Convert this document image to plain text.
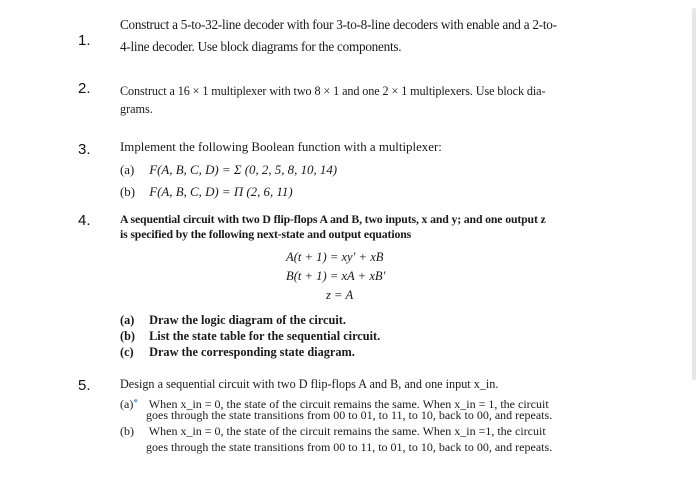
1.
Construct a 5-to-32-line decoder with four 3-to-8-line decoders with enable and a 2-to-
4-line decoder. Use block diagrams for the components.
2. Construct a 16 × 1 multiplexer with two 8 × 1 and one 2 × 1 multiplexers. Use block dia-
grams.
3. Implement the following Boolean function with a multiplexer:
(a) F(A, B, C, D) = Σ (0, 2, 5, 8, 10, 14)
(b) F(A, B, C, D) = Π (2, 6, 11)
4. A sequential circuit with two D flip-flops A and B, two inputs, x and y; and one output z
is specified by the following next-state and output equations
A(t + 1) = xy′ + xB
B(t + 1) = xA + xB′
z = A
(a) Draw the logic diagram of the circuit.
(b) List the state table for the sequential circuit.
(c) Draw the corresponding state diagram.
5. Design a sequential circuit with two D flip-flops A and B, and one input x_in.
(a)● When x_in = 0, the state of the circuit remains the same. When x_in = 1, the circuit
goes through the state transitions from 00 to 01, to 11, to 10, back to 00, and repeats.
(b) When x_in = 0, the state of the circuit remains the same. When x_in =1, the circuit
goes through the state transitions from 00 to 11, to 01, to 10, back to 00, and repeats.
